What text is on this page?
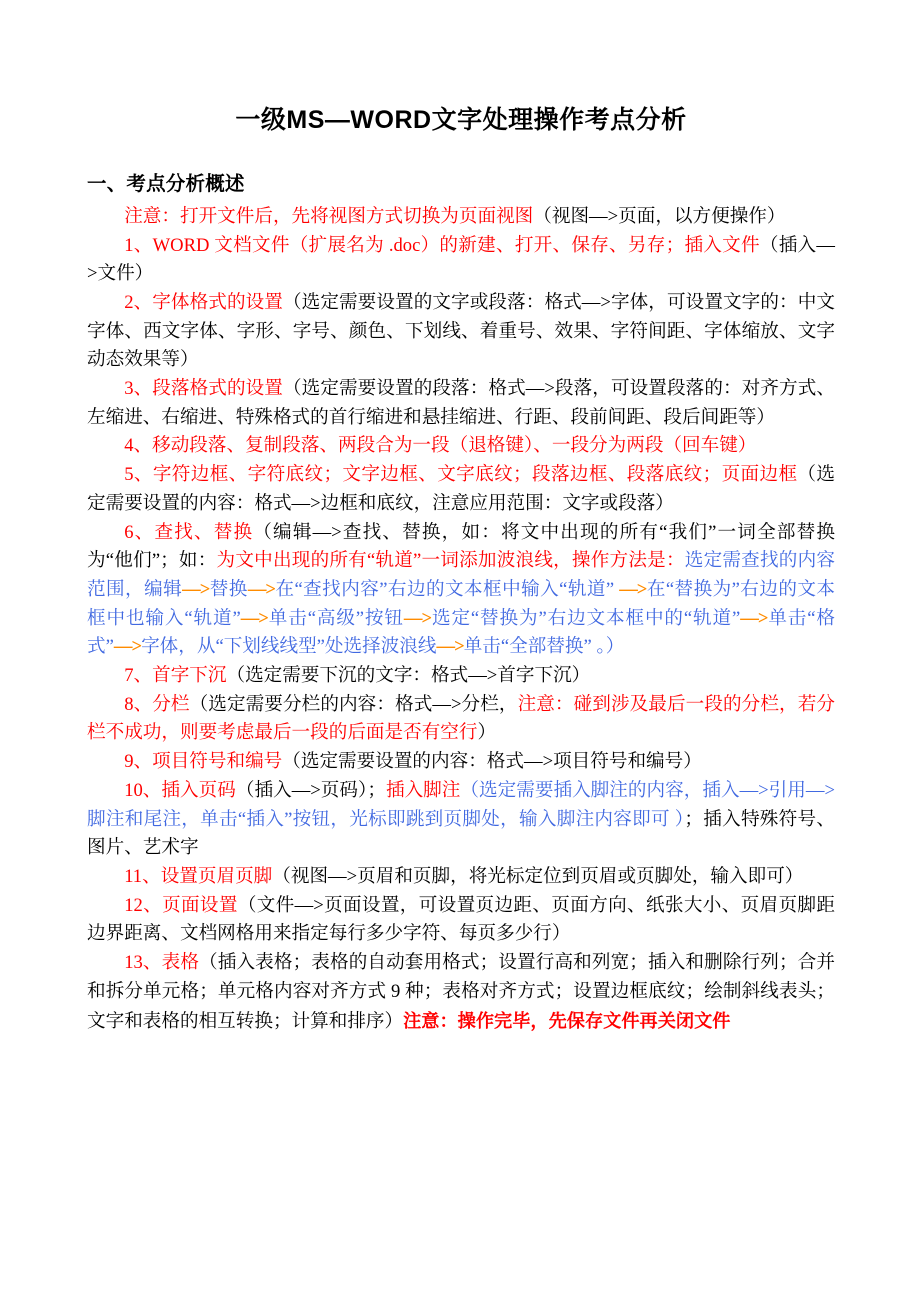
一级MS—WORD文字处理操作考点分析
一、考点分析概述

注意：打开文件后，先将视图方式切换为页面视图（视图—>页面，以方便操作）

1、WORD 文档文件（扩展名为 .doc）的新建、打开、保存、另存；插入文件（插入—>文件）

2、字体格式的设置（选定需要设置的文字或段落：格式—>字体，可设置文字的：中文字体、西文字体、字形、字号、颜色、下划线、着重号、效果、字符间距、字体缩放、文字动态效果等）

3、段落格式的设置（选定需要设置的段落：格式—>段落，可设置段落的：对齐方式、左缩进、右缩进、特殊格式的首行缩进和悬挂缩进、行距、段前间距、段后间距等）

4、移动段落、复制段落、两段合为一段（退格键）、一段分为两段（回车键）

5、字符边框、字符底纹；文字边框、文字底纹；段落边框、段落底纹；页面边框（选定需要设置的内容：格式—>边框和底纹，注意应用范围：文字或段落）

6、查找、替换（编辑—>查找、替换，如：将文中出现的所有“我们”一词全部替换为“他们”；如：为文中出现的所有“轨道”一词添加波浪线，操作方法是：选定需查找的内容范围，编辑—>替换—>在“查找内容”右边的文本框中输入“轨道” —>在“替换为”右边的文本框中也输入“轨道”—>单击“高级”按钮—>选定“替换为”右边文本框中的“轨道”—>单击“格式”—>字体，从“下划线线型”处选择波浪线—>单击“全部替换” 。）

7、首字下沉（选定需要下沉的文字：格式—>首字下沉）

8、分栏（选定需要分栏的内容：格式—>分栏，注意：碰到涉及最后一段的分栏，若分栏不成功，则要考虑最后一段的后面是否有空行）

9、项目符号和编号（选定需要设置的内容：格式—>项目符号和编号）

10、插入页码（插入—>页码）；插入脚注（选定需要插入脚注的内容，插入—>引用—>脚注和尾注，单击“插入”按钮，光标即跳到页脚处，输入脚注内容即可 ）；插入特殊符号、图片、艺术字

11、设置页眉页脚（视图—>页眉和页脚，将光标定位到页眉或页脚处，输入即可）

12、页面设置（文件—>页面设置，可设置页边距、页面方向、纸张大小、页眉页脚距边界距离、文档网格用来指定每行多少字符、每页多少行）

13、表格（插入表格；表格的自动套用格式；设置行高和列宽；插入和删除行列；合并和拆分单元格；单元格内容对齐方式 9 种；表格对齐方式；设置边框底纹；绘制斜线表头；文字和表格的相互转换；计算和排序）注意：操作完毕，先保存文件再关闭文件
